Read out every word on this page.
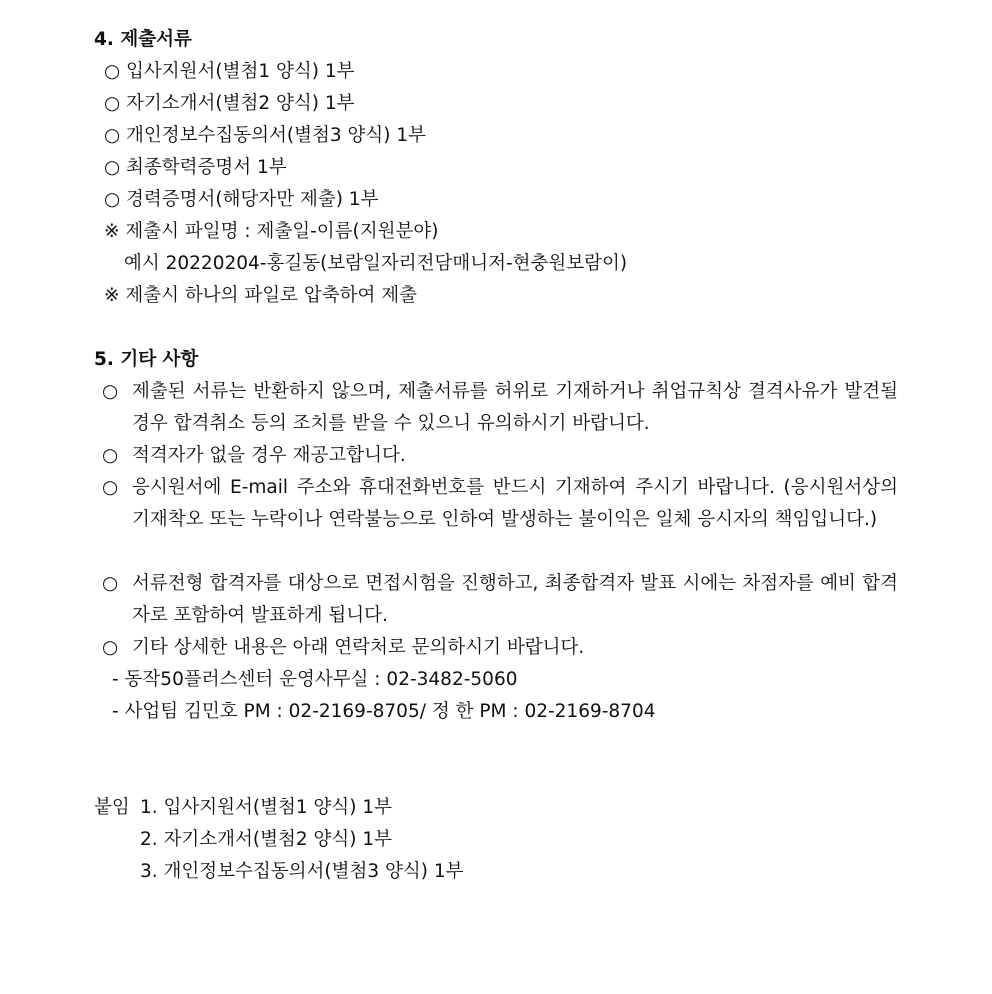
4. 제출서류
○ 입사지원서(별첨1 양식) 1부
○ 자기소개서(별첨2 양식) 1부
○ 개인정보수집동의서(별첨3 양식) 1부
○ 최종학력증명서 1부
○ 경력증명서(해당자만 제출) 1부
※ 제출시 파일명 : 제출일-이름(지원분야)
예시 20220204-홍길동(보람일자리전담매니저-현충원보람이)
※ 제출시 하나의 파일로 압축하여 제출
5. 기타 사항
○ 제출된 서류는 반환하지 않으며, 제출서류를 허위로 기재하거나 취업규칙상 결격사유가 발견될 경우 합격취소 등의 조치를 받을 수 있으니 유의하시기 바랍니다.
○ 적격자가 없을 경우 재공고합니다.
○ 응시원서에 E-mail 주소와 휴대전화번호를 반드시 기재하여 주시기 바랍니다. (응시원서상의 기재착오 또는 누락이나 연락불능으로 인하여 발생하는 불이익은 일체 응시자의 책임입니다.)
○ 서류전형 합격자를 대상으로 면접시험을 진행하고, 최종합격자 발표 시에는 차점자를 예비 합격자로 포함하여 발표하게 됩니다.
○ 기타 상세한 내용은 아래 연락처로 문의하시기 바랍니다.
- 동작50플러스센터 운영사무실 : 02-3482-5060
- 사업팀 김민호 PM : 02-2169-8705/ 정 한 PM : 02-2169-8704
붙임 1. 입사지원서(별첨1 양식) 1부
2. 자기소개서(별첨2 양식) 1부
3. 개인정보수집동의서(별첨3 양식) 1부
